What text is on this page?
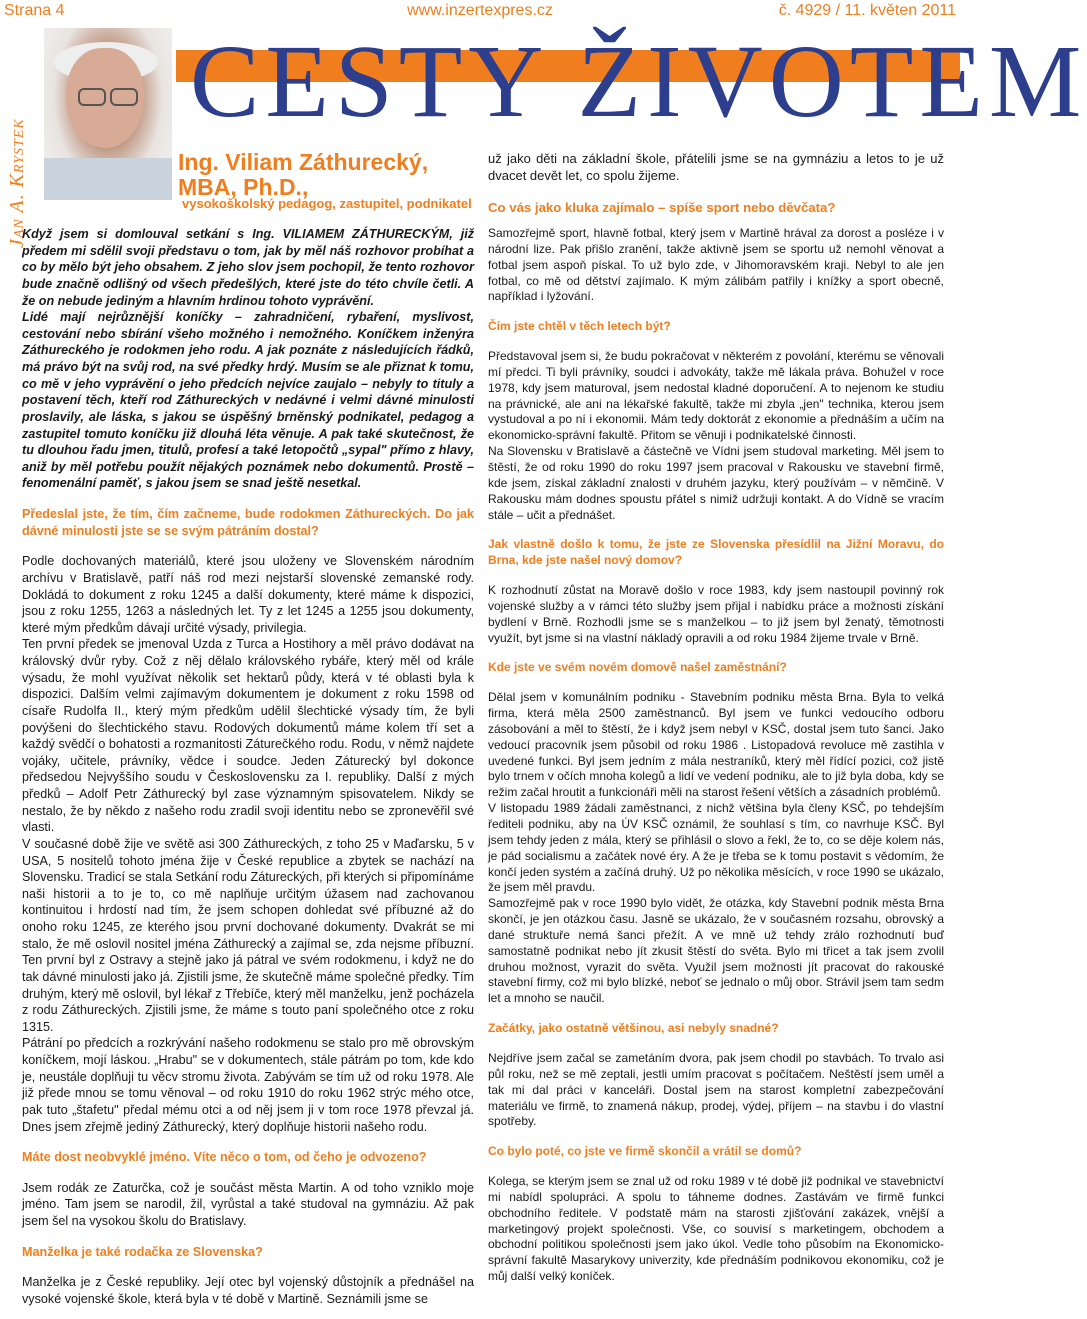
Strana 4	www.inzertexpres.cz	č. 4929 / 11. květen 2011
Jan A. Krystek
CESTY ŽIVOTEM
Ing. Viliam Záthurecký,
MBA, Ph.D.,
vysokoškolský pedagog, zastupitel, podnikatel
už jako děti na základní škole, přátelili jsme se na gymnáziu a letos to je už dvacet devět let, co spolu žijeme.
Co vás jako kluka zajímalo – spíše sport nebo děvčata?

Když jsem si domlouval setkání s Ing. VILIAMEM ZÁTHURECKÝM, již předem mi sdělil svoji představu o tom, jak by měl náš rozhovor probíhat a co by mělo být jeho obsahem. Z jeho slov jsem pochopil, že tento rozhovor bude značně odlišný od všech předešlých, které jste do této chvíle četli. A že on nebude jediným a hlavním hrdinou tohoto vyprávění.

Lidé mají nejrůznější koníčky – zahradničení, rybaření, myslivost, cestování nebo sbírání všeho možného i nemožného. Koníčkem inženýra Záthureckého je rodokmen jeho rodu. A jak poznáte z následujících řádků, má právo být na svůj rod, na své předky hrdý. Musím se ale přiznat k tomu, co mě v jeho vyprávění o jeho předcích nejvíce zaujalo – nebyly to tituly a postavení těch, kteří rod Záthureckých v nedávné i velmi dávné minulosti proslavily, ale láska, s jakou se úspěšný brněnský podnikatel, pedagog a zastupitel tomuto koníčku již dlouhá léta věnuje. A pak také skutečnost, že tu dlouhou řadu jmen, titulů, profesí a také letopočtů „sypal" přímo z hlavy, aniž by měl potřebu použít nějakých poznámek nebo dokumentů. Prostě – fenomenální paměť, s jakou jsem se snad ještě nesetkal.

Předeslal jste, že tím, čím začneme, bude rodokmen Záthureckých. Do jak dávné minulosti jste se se svým pátráním dostal?

Podle dochovaných materiálů, které jsou uloženy ve Slovenském národním archívu v Bratislavě, patří náš rod mezi nejstarší slovenské zemanské rody. Dokládá to dokument z roku 1245 a další dokumenty, které máme k dispozici, jsou z roku 1255, 1263 a následných let. Ty z let 1245 a 1255 jsou dokumenty, které mým předkům dávají určité výsady, privilegia.

Ten první předek se jmenoval Uzda z Turca a Hostihory a měl právo dodávat na královský dvůr ryby. Což z něj dělalo královského rybáře, který měl od krále výsadu, že mohl využívat několik set hektarů půdy, která v té oblasti byla k dispozici. Dalším velmi zajímavým dokumentem je dokument z roku 1598 od císaře Rudolfa II., který mým předkům udělil šlechtické výsady tím, že byli povýšeni do šlechtického stavu. Rodových dokumentů máme kolem tří set a každý svědčí o bohatosti a rozmanitosti Záturečkého rodu. Rodu, v němž najdete vojáky, učitele, právníky, vědce i soudce. Jeden Záturecký byl dokonce předsedou Nejvyššího soudu v Československu za I. republiky. Další z mých předků – Adolf Petr Záthurecký byl zase významným spisovatelem. Nikdy se nestalo, že by někdo z našeho rodu zradil svoji identitu nebo se zpronevěřil své vlasti.

V současné době žije ve světě asi 300 Záthureckých, z toho 25 v Maďarsku, 5 v USA, 5 nositelů tohoto jména žije v České republice a zbytek se nachází na Slovensku. Tradicí se stala Setkání rodu Zátureckých, při kterých si připomínáme naši historii a to je to, co mě naplňuje určitým úžasem nad zachovanou kontinuitou i hrdostí nad tím, že jsem schopen dohledat své příbuzné až do onoho roku 1245, ze kterého jsou první dochované dokumenty. Dvakrát se mi stalo, že mě oslovil nositel jména Záthurecký a zajímal se, zda nejsme příbuzní. Ten první byl z Ostravy a stejně jako já pátral ve svém rodokmenu, i když ne do tak dávné minulosti jako já. Zjistili jsme, že skutečně máme společné předky. Tím druhým, který mě oslovil, byl lékař z Třebíče, který měl manželku, jenž pocházela z rodu Záthureckých. Zjistili jsme, že máme s touto paní společného otce z roku 1315.

Pátrání po předcích a rozkrývání našeho rodokmenu se stalo pro mě obrovským koníčkem, mojí láskou. „Hrabu" se v dokumentech, stále pátrám po tom, kde kdo je, neustále doplňuji tu věcv stromu života. Zabývám se tím už od roku 1978. Ale již přede mnou se tomu věnoval – od roku 1910 do roku 1962 strýc mého otce, pak tuto „štafetu" předal mému otci a od něj jsem ji v tom roce 1978 převzal já. Dnes jsem zřejmě jediný Záthurecký, který doplňuje historii našeho rodu.

Máte dost neobvyklé jméno. Víte něco o tom, od čeho je odvozeno?

Jsem rodák ze Zaturčka, což je součást města Martin. A od toho vzniklo moje jméno. Tam jsem se narodil, žil, vyrůstal a také studoval na gymnáziu. Až pak jsem šel na vysokou školu do Bratislavy.

Manželka je také rodačka ze Slovenska?

Manželka je z České republiky. Její otec byl vojenský důstojník a přednášel na vysoké vojenské škole, která byla v té době v Martině. Seznámili jsme se

Samozřejmě sport, hlavně fotbal, který jsem v Martině hrával za dorost a posléze i v národní lize. Pak přišlo zranění, takže aktivně jsem se sportu už nemohl věnovat a fotbal jsem aspoň pískal. To už bylo zde, v Jihomoravském kraji. Nebyl to ale jen fotbal, co mě od dětství zajímalo. K mým zálibám patřily i knížky a sport obecně, například i lyžování.

Čím jste chtěl v těch letech být?

Představoval jsem si, že budu pokračovat v některém z povolání, kterému se věnovali mí předci. Ti byli právníky, soudci i advokáty, takže mě lákala práva. Bohužel v roce 1978, kdy jsem maturoval, jsem nedostal kladné doporučení. A to nejenom ke studiu na právnické, ale ani na lékařské fakultě, takže mi zbyla „jen" technika, kterou jsem vystudoval a po ní i ekonomii. Mám tedy doktorát z ekonomie a přednáším a učím na ekonomicko-správní fakultě. Přitom se věnuji i podnikatelské činnosti.

Na Slovensku v Bratislavě a částečně ve Vídni jsem studoval marketing. Měl jsem to štěstí, že od roku 1990 do roku 1997 jsem pracoval v Rakousku ve stavební firmě, kde jsem, získal základní znalosti v druhém jazyku, který používám – v němčině. V Rakousku mám dodnes spoustu přátel s nimiž udržuji kontakt. A do Vídně se vracím stále – učit a přednášet.

Jak vlastně došlo k tomu, že jste ze Slovenska přesídlil na Jižní Moravu, do Brna, kde jste našel nový domov?

K rozhodnutí zůstat na Moravě došlo v roce 1983, kdy jsem nastoupil povinný rok vojenské služby a v rámci této služby jsem přijal i nabídku práce a možnosti získání bydlení v Brně. Rozhodli jsme se s manželkou – to již jsem byl ženatý, těmotnosti využít, byt jsme si na vlastní nákladý opravili a od roku 1984 žijeme trvale v Brně.

Kde jste ve svém novém domově našel zaměstnání?

Dělal jsem v komunálním podniku - Stavebním podniku města Brna. Byla to velká firma, která měla 2500 zaměstnanců. Byl jsem ve funkci vedoucího odboru zásobování a měl to štěstí, že i když jsem nebyl v KSČ, dostal jsem tuto šanci. Jako vedoucí pracovník jsem působil od roku 1986 . Listopadová revoluce mě zastihla v uvedené funkci. Byl jsem jedním z mála nestraníků, který měl řídící pozici, což jistě bylo trnem v očích mnoha kolegů a lidí ve vedení podniku, ale to již byla doba, kdy se režim začal hroutit a funkcionáři měli na starost řešení větších a zásadních problémů.

V listopadu 1989 žádali zaměstnanci, z nichž většina byla členy KSČ, po tehdejším řediteli podniku, aby na ÚV KSČ oznámil, že souhlasí s tím, co navrhuje KSČ. Byl jsem tehdy jeden z mála, který se přihlásil o slovo a řekl, že to, co se děje kolem nás, je pád socialismu a začátek nové éry. A že je třeba se k tomu postavit s vědomím, že končí jeden systém a začíná druhý. Už po několika měsících, v roce 1990 se ukázalo, že jsem měl pravdu.

Samozřejmě pak v roce 1990 bylo vidět, že otázka, kdy Stavební podnik města Brna skončí, je jen otázkou času. Jasně se ukázalo, že v současném rozsahu, obrovský a dané struktuře nemá šanci přežít. A ve mně už tehdy zrálo rozhodnutí buď samostatně podnikat nebo jít zkusit štěstí do světa. Bylo mi třicet a tak jsem zvolil druhou možnost, vyrazit do světa. Využil jsem možnosti jít pracovat do rakouské stavební firmy, což mi bylo blízké, neboť se jednalo o můj obor. Strávil jsem tam sedm let a mnoho se naučil.

Začátky, jako ostatně většinou, asi nebyly snadné?

Nejdříve jsem začal se zametáním dvora, pak jsem chodil po stavbách. To trvalo asi půl roku, než se mě zeptali, jestli umím pracovat s počítačem. Neštěstí jsem uměl a tak mi dal práci v kanceláři. Dostal jsem na starost kompletní zabezpečování materiálu ve firmě, to znamená nákup, prodej, výdej, příjem – na stavbu i do vlastní spotřeby.

Co bylo poté, co jste ve firmě skončil a vrátil se domů?

Kolega, se kterým jsem se znal už od roku 1989 v té době již podnikal ve stavebnictví mi nabídl spolupráci. A spolu to táhneme dodnes. Zastávám ve firmě funkci obchodního ředitele. V podstatě mám na starosti zjišťování zakázek, vnější a marketingový projekt společnosti. Vše, co souvisí s marketingem, obchodem a obchodní politikou společnosti jsem jako úkol. Vedle toho působím na Ekonomicko-správní fakultě Masarykovy univerzity, kde přednáším podnikovou ekonomiku, což je můj další velký koníček.
